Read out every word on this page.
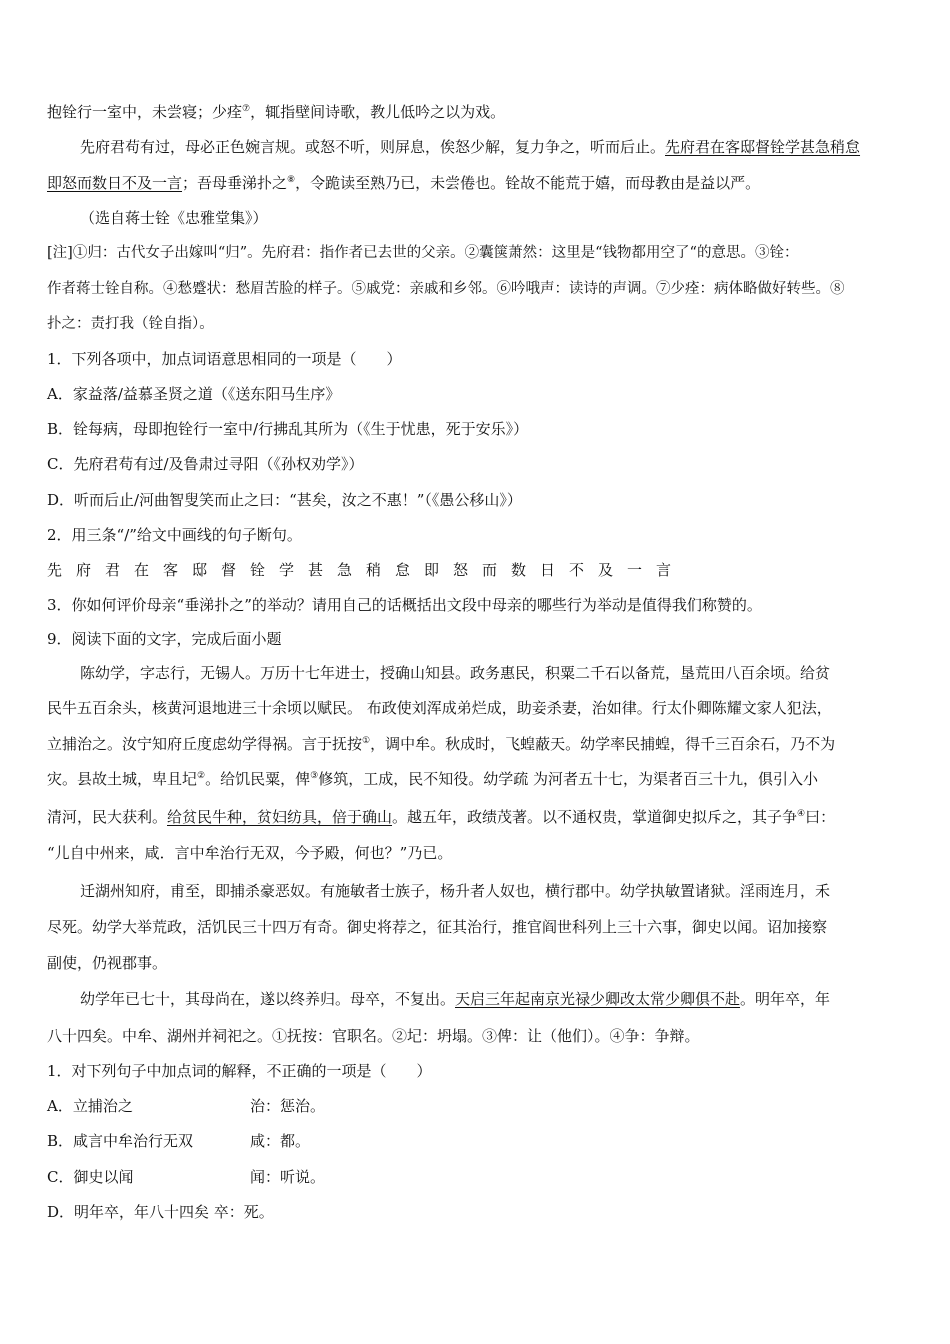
抱铨行一室中，未尝寝；少痊⑦，辄指壁间诗歌，教儿低吟之以为戏。
先府君苟有过，母必正色婉言规。或怒不听，则屏息，俟怒少解，复力争之，听而后止。先府君在客邸督铨学甚急稍怠
即怒而数日不及一言；吾母垂涕扑之⑧，令跪读至熟乃已，未尝倦也。铨故不能荒于嬉，而母教由是益以严。
（选自蒋士铨《忠雅堂集》）
[注]①归：古代女子出嫁叫“归”。先府君：指作者已去世的父亲。②囊箧萧然：这里是“钱物都用空了“的意思。③铨：
作者蒋士铨自称。④愁蹙状：愁眉苦脸的样子。⑤戚党：亲戚和乡邻。⑥吟哦声：读诗的声调。⑦少痊：病体略做好转些。⑧
扑之：责打我（铨自指）。
1．下列各项中，加点词语意思相同的一项是（　　）
A．家益落/益慕圣贤之道（《送东阳马生序》
B．铨每病，母即抱铨行一室中/行拂乱其所为（《生于忧患，死于安乐》）
C．先府君苟有过/及鲁肃过寻阳（《孙权劝学》）
D．听而后止/河曲智叟笑而止之曰：“甚矣，汝之不惠！”（《愚公移山》）
2．用三条“/”给文中画线的句子断句。
先府君在客邸督铨学甚急稍怠即怒而数日不及一言
3．你如何评价母亲“垂涕扑之”的举动？请用自己的话概括出文段中母亲的哪些行为举动是值得我们称赞的。
9．阅读下面的文字，完成后面小题
陈幼学，字志行，无锡人。万历十七年进士，授确山知县。政务惠民，积粟二千石以备荒，垦荒田八百余顷。给贫
民牛五百余头，核黄河退地进三十余顷以赋民。 布政使刘浑成弟烂成，助妾杀妻，治如律。行太仆卿陈耀文家人犯法，
立捕治之。汝宁知府丘度虑幼学得祸。言于抚按①，调中牟。秋成时，飞蝗蔽天。幼学率民捕蝗，得千三百余石，乃不为
灾。县故土城，卑且圮②。给饥民粟，俾③修筑，工成，民不知役。幼学疏 为河者五十七，为渠者百三十九，俱引入小
清河，民大获利。给贫民牛种，贫妇纺具，倍于确山。越五年，政绩茂著。以不通权贵，掌道御史拟斥之，其子争④曰：
“儿自中州来，咸．言中牟治行无双，今予殿，何也？”乃已。
迁湖州知府，甫至，即捕杀豪恶奴。有施敏者士族子，杨升者人奴也，横行郡中。幼学执敏置诸狱。淫雨连月，禾
尽死。幼学大举荒政，活饥民三十四万有奇。御史将荐之，征其治行，推官阎世科列上三十六事，御史以闻。诏加接察
副使，仍视郡事。
幼学年已七十，其母尚在，遂以终养归。母卒，不复出。天启三年起南京光禄少卿改太常少卿俱不赴。明年卒，年
八十四矣。中牟、湖州并祠祀之。①抚按：官职名。②圮：坍塌。③俾：让（他们）。④争：争辩。
1．对下列句子中加点词的解释，不正确的一项是（　　）
A．立捕治之	治：惩治。
B．咸言中牟治行无双	咸：都。
C．御史以闻	闻：听说。
D．明年卒，年八十四矣 卒：死。
